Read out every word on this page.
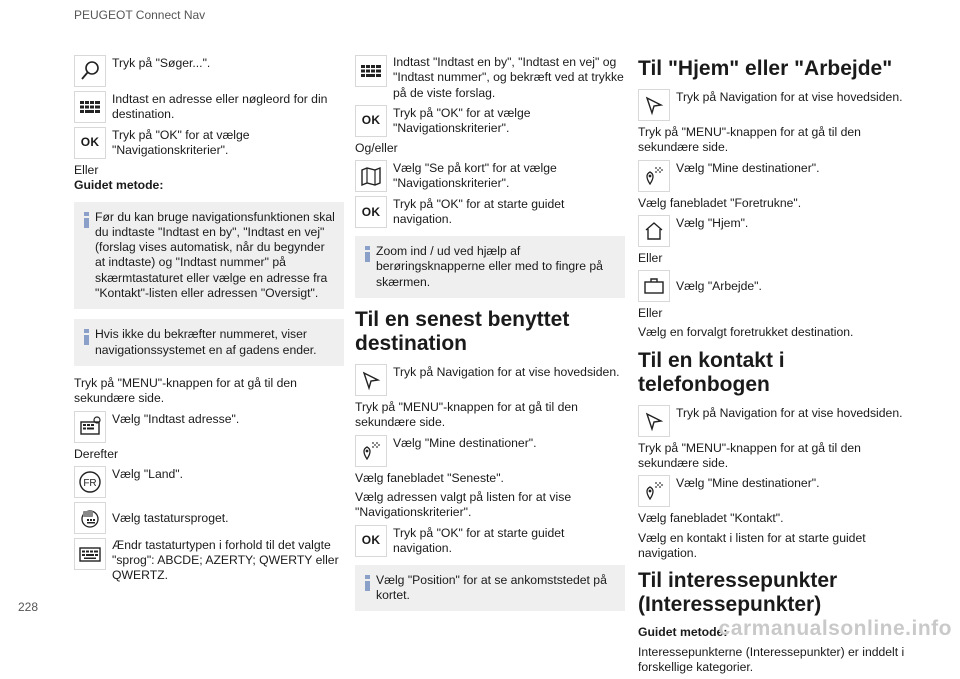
PEUGEOT Connect Nav
Tryk på "Søger...".
Indtast en adresse eller nøgleord for din destination.
OK
Tryk på "OK" for at vælge "Navigationskriterier".

Eller

Guidet metode:

Før du kan bruge navigationsfunktionen skal du indtaste "Indtast en by", "Indtast en vej" (forslag vises automatisk, når du begynder at indtaste) og "Indtast nummer" på skærmtastaturet eller vælge en adresse fra "Kontakt"-listen eller adressen "Oversigt".
Hvis ikke du bekræfter nummeret, viser navigationssystemet en af gadens ender.

Tryk på "MENU"-knappen for at gå til den sekundære side.

Vælg "Indtast adresse".

Derefter

FR
Vælg "Land".
Vælg tastatursproget.
Ændr tastaturtypen i forhold til det valgte "sprog": ABCDE; AZERTY; QWERTY eller QWERTZ.
Indtast "Indtast en by", "Indtast en vej" og "Indtast nummer", og bekræft ved at trykke på de viste forslag.
OK
Tryk på "OK" for at vælge "Navigationskriterier".

Og/eller

Vælg "Se på kort" for at vælge "Navigationskriterier".
OK
Tryk på "OK" for at starte guidet navigation.
Zoom ind / ud ved hjælp af berøringsknapperne eller med to fingre på skærmen.
Til en senest benyttet destination
Tryk på Navigation for at vise hovedsiden.

Tryk på "MENU"-knappen for at gå til den sekundære side.

Vælg "Mine destinationer".

Vælg fanebladet "Seneste".

Vælg adressen valgt på listen for at vise "Navigationskriterier".

OK
Tryk på "OK" for at starte guidet navigation.
Vælg "Position" for at se ankomststedet på kortet.
Til "Hjem" eller "Arbejde"
Tryk på Navigation for at vise hovedsiden.

Tryk på "MENU"-knappen for at gå til den sekundære side.

Vælg "Mine destinationer".

Vælg fanebladet "Foretrukne".

Vælg "Hjem".

Eller

Vælg "Arbejde".

Eller

Vælg en forvalgt foretrukket destination.

Til en kontakt i telefonbogen
Tryk på Navigation for at vise hovedsiden.

Tryk på "MENU"-knappen for at gå til den sekundære side.

Vælg "Mine destinationer".

Vælg fanebladet "Kontakt".

Vælg en kontakt i listen for at starte guidet navigation.

Til interessepunkter (Interessepunkter)

Guidet metode:

Interessepunkterne (Interessepunkter) er inddelt i forskellige kategorier.

228
carmanualsonline.info
